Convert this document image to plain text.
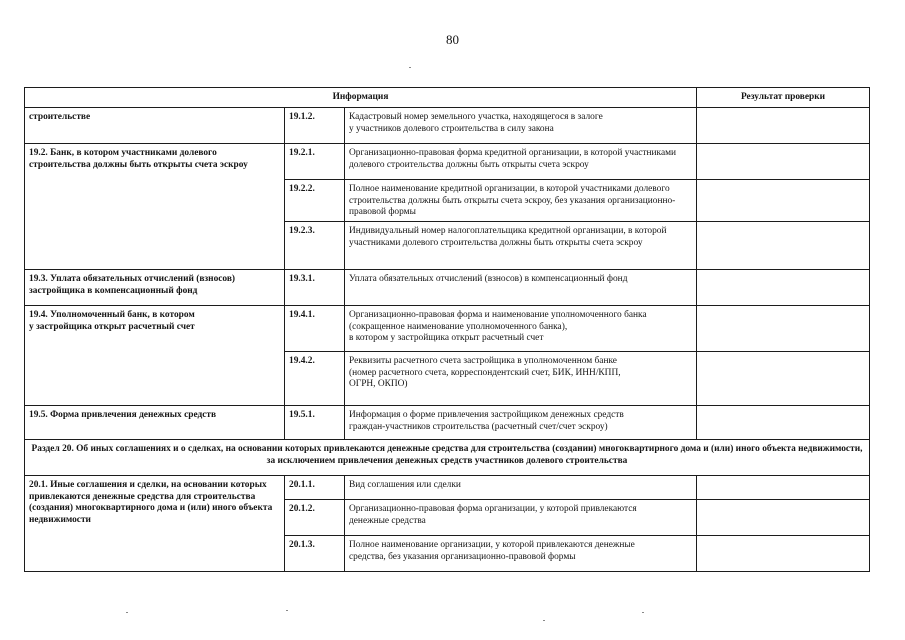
80
Информация			Результат проверки
строительстве	19.1.2.	Кадастровый номер земельного участка, находящегося в залоге
у участников долевого строительства в силу закона	
19.2. Банк, в котором участниками долевого строительства должны быть открыты счета эскроу	19.2.1.	Организационно-правовая форма кредитной организации, в которой участниками долевого строительства должны быть открыты счета эскроу	
	19.2.2.	Полное наименование кредитной организации, в которой участниками долевого строительства должны быть открыты счета эскроу, без указания организационно-правовой формы	
	19.2.3.	Индивидуальный номер налогоплательщика кредитной организации, в которой участниками долевого строительства должны быть открыты счета эскроу	
19.3. Уплата обязательных отчислений (взносов) застройщика в компенсационный фонд	19.3.1.	Уплата обязательных отчислений (взносов) в компенсационный фонд	
19.4. Уполномоченный банк, в котором
у застройщика открыт расчетный счет	19.4.1.	Организационно-правовая форма и наименование уполномоченного банка
(сокращенное наименование уполномоченного банка),
в котором у застройщика открыт расчетный счет	
	19.4.2.	Реквизиты расчетного счета застройщика в уполномоченном банке
(номер расчетного счета, корреспондентский счет, БИК, ИНН/КПП,
ОГРН, ОКПО)	
19.5. Форма привлечения денежных средств	19.5.1.	Информация о форме привлечения застройщиком денежных средств
граждан-участников строительства (расчетный счет/счет эскроу)	
Раздел 20. Об иных соглашениях и о сделках, на основании которых привлекаются денежные средства для строительства (создании) многоквартирного дома и (или) иного объекта недвижимости, за исключением привлечения денежных средств участников долевого строительства			
20.1. Иные соглашения и сделки, на основании которых привлекаются денежные средства для строительства (создания) многоквартирного дома и (или) иного объекта недвижимости	20.1.1.	Вид соглашения или сделки	
	20.1.2.	Организационно-правовая форма организации, у которой привлекаются
денежные средства	
	20.1.3.	Полное наименование организации, у которой привлекаются денежные
средства, без указания организационно-правовой формы	
